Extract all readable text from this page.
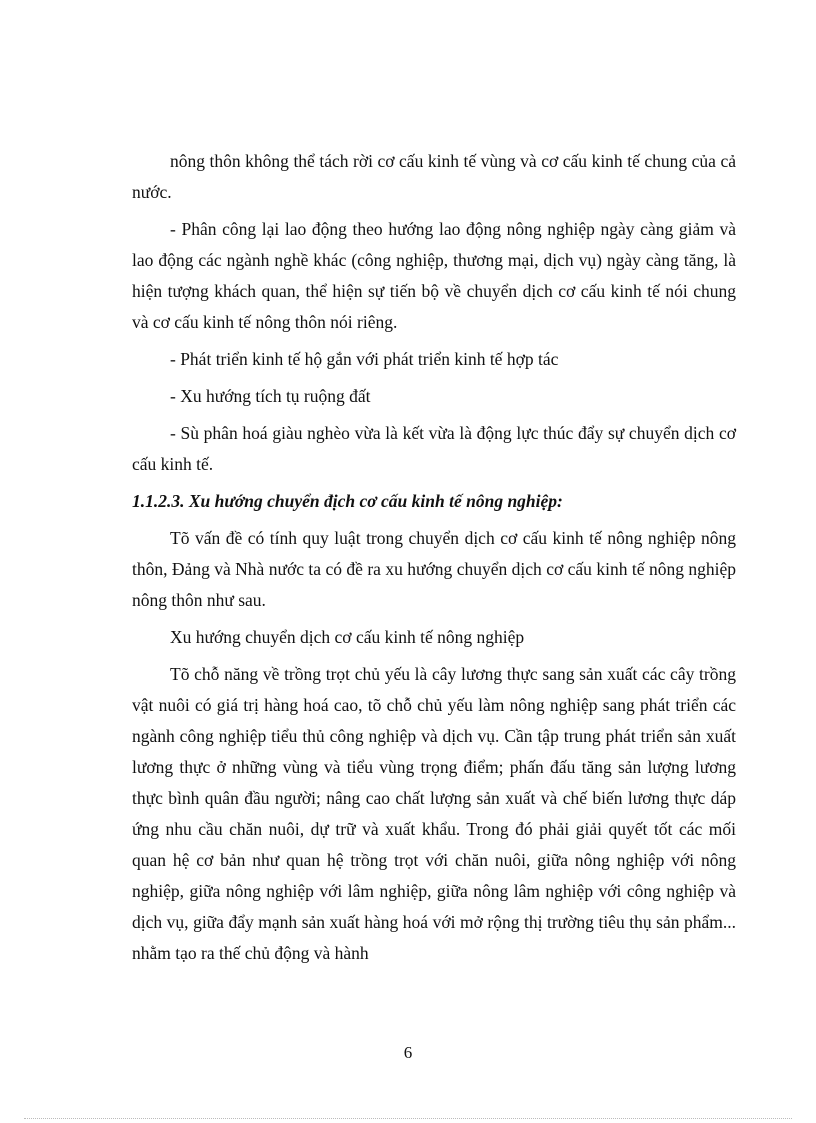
nông thôn không thể tách rời cơ cấu kinh tế vùng và cơ cấu kinh tế chung của cả nước.

- Phân công lại lao động theo hướng lao động nông nghiệp ngày càng giảm và lao động các ngành nghề khác (công nghiệp, thương mại, dịch vụ) ngày càng tăng, là hiện tượng khách quan, thể hiện sự tiến bộ về chuyển dịch cơ cấu kinh tế nói chung và cơ cấu kinh tế nông thôn nói riêng.

- Phát triển kinh tế hộ gắn với phát triển kinh tế hợp tác

- Xu hướng tích tụ ruộng đất

- Sù phân hoá giàu nghèo vừa là kết vừa là động lực thúc đẩy sự chuyển dịch cơ cấu kinh tế.

1.1.2.3. Xu hướng chuyển địch cơ cấu kinh tế nông nghiệp:

Tõ vấn đề có tính quy luật trong chuyển dịch cơ cấu kinh tế nông nghiệp nông thôn, Đảng và Nhà nước ta có đề ra xu hướng chuyển dịch cơ cấu kinh tế nông nghiệp nông thôn như sau.

Xu hướng chuyển dịch cơ cấu kinh tế nông nghiệp

Tõ chỗ năng về trồng trọt chủ yếu là cây lương thực sang sản xuất các cây trồng vật nuôi có giá trị hàng hoá cao, tõ chỗ chủ yếu làm nông nghiệp sang phát triển các ngành công nghiệp tiểu thủ công nghiệp và dịch vụ. Cần tập trung phát triển sản xuất lương thực ở những vùng và tiểu vùng trọng điểm; phấn đấu tăng sản lượng lương thực bình quân đầu người; nâng cao chất lượng sản xuất và chế biến lương thực dáp ứng nhu cầu chăn nuôi, dự trữ và xuất khẩu. Trong đó phải giải quyết tốt các mối quan hệ cơ bản như quan hệ trồng trọt với chăn nuôi, giữa nông nghiệp với nông nghiệp, giữa nông nghiệp với lâm nghiệp, giữa nông lâm nghiệp với công nghiệp và dịch vụ, giữa đẩy mạnh sản xuất hàng hoá với mở rộng thị trường tiêu thụ sản phẩm... nhằm tạo ra thế chủ động và hành

6
